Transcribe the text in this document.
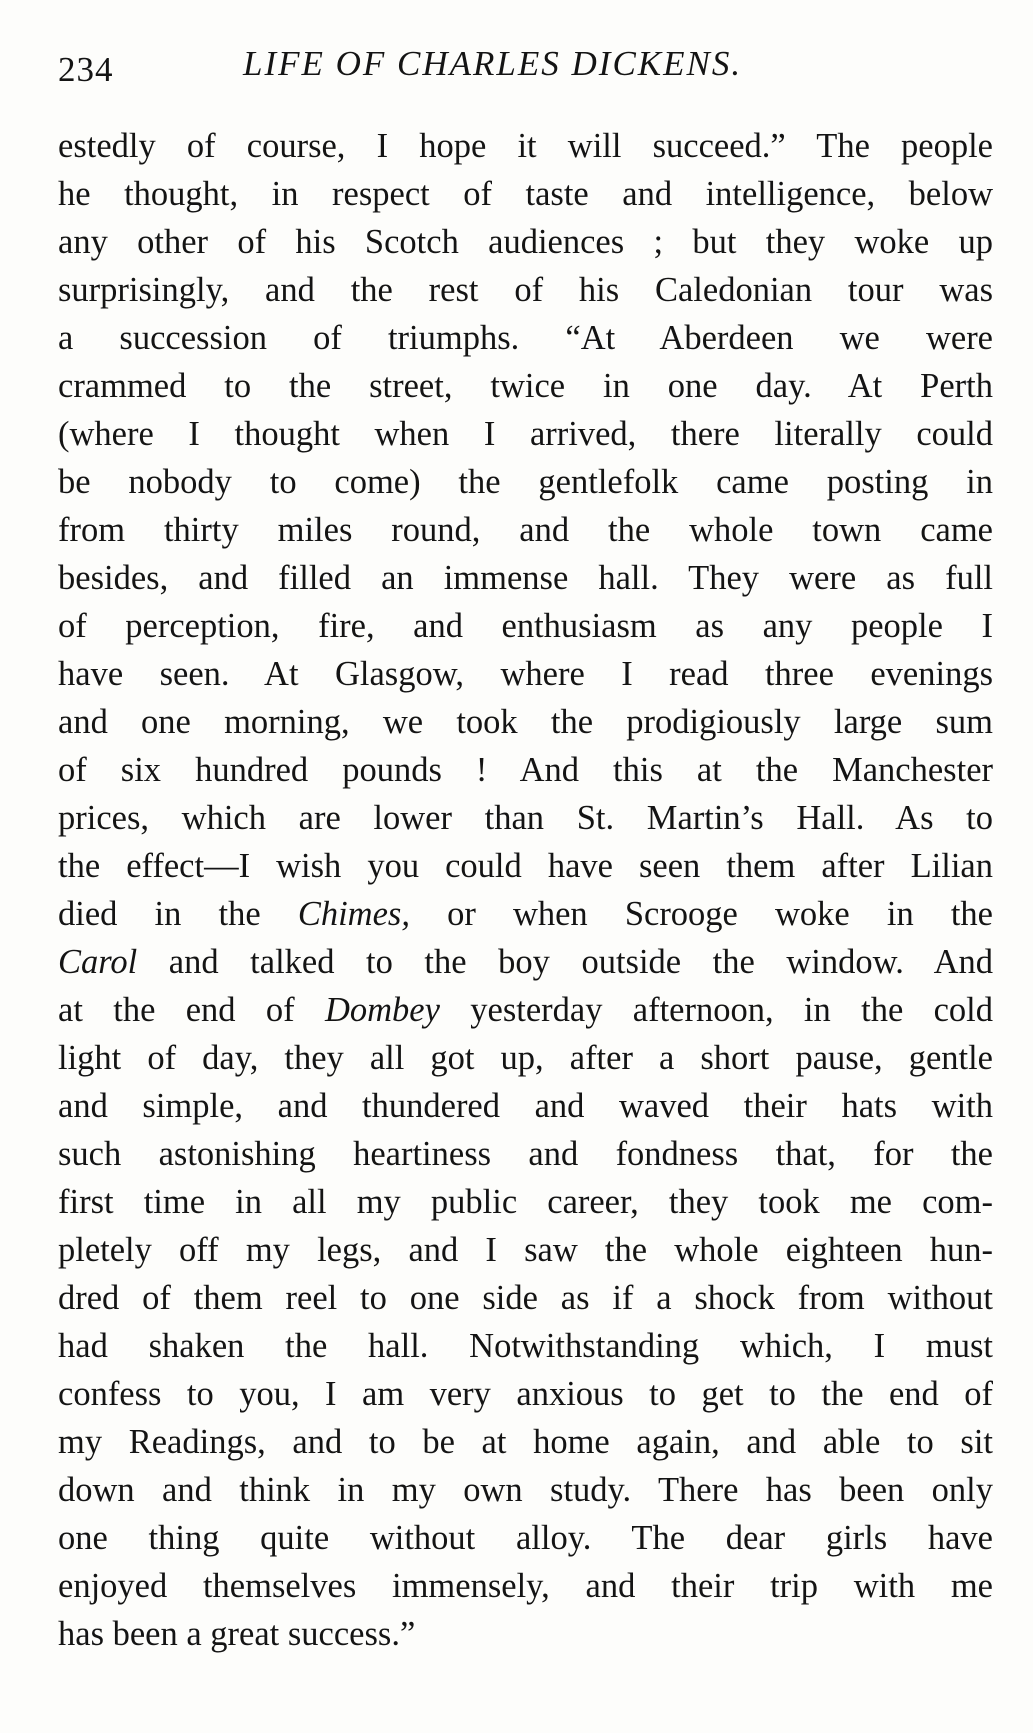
234	LIFE OF CHARLES DICKENS.
estedly of course, I hope it will succeed.” The people
he thought, in respect of taste and intelligence, below
any other of his Scotch audiences ; but they woke up
surprisingly, and the rest of his Caledonian tour was
a succession of triumphs. “At Aberdeen we were
crammed to the street, twice in one day. At Perth
(where I thought when I arrived, there literally could
be nobody to come) the gentlefolk came posting in
from thirty miles round, and the whole town came
besides, and filled an immense hall. They were as full
of perception, fire, and enthusiasm as any people I
have seen. At Glasgow, where I read three evenings
and one morning, we took the prodigiously large sum
of six hundred pounds ! And this at the Manchester
prices, which are lower than St. Martin’s Hall. As to
the effect—I wish you could have seen them after Lilian
died in the Chimes, or when Scrooge woke in the
Carol and talked to the boy outside the window. And
at the end of Dombey yesterday afternoon, in the cold
light of day, they all got up, after a short pause, gentle
and simple, and thundered and waved their hats with
such astonishing heartiness and fondness that, for the
first time in all my public career, they took me com-
pletely off my legs, and I saw the whole eighteen hun-
dred of them reel to one side as if a shock from without
had shaken the hall. Notwithstanding which, I must
confess to you, I am very anxious to get to the end of
my Readings, and to be at home again, and able to sit
down and think in my own study. There has been only
one thing quite without alloy. The dear girls have
enjoyed themselves immensely, and their trip with me
has been a great success.”
